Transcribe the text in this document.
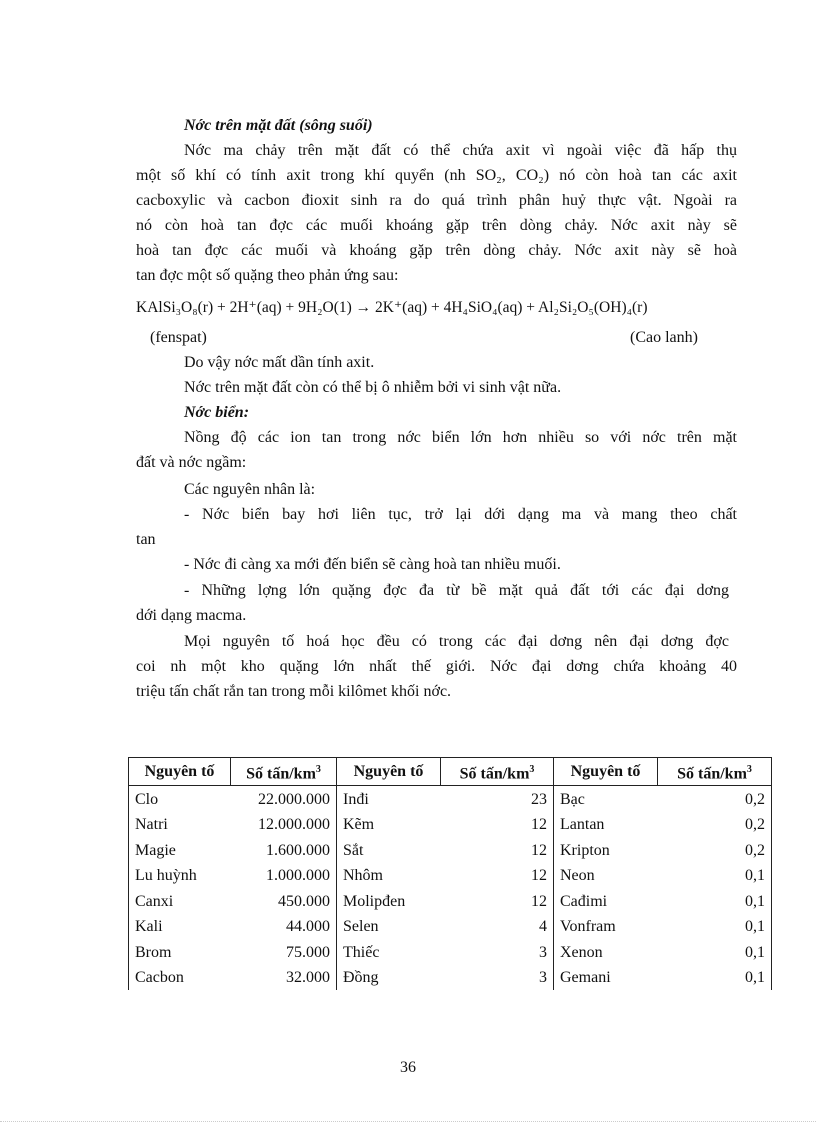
Nớc trên mặt đất (sông suối)
Nớc ma chảy trên mặt đất có thể chứa axit vì ngoài việc đã hấp thụ
một số khí có tính axit trong khí quyển (nh SO₂, CO₂) nó còn hoà tan các axit
cacboxylic và cacbon đioxit sinh ra do quá trình phân huỷ thực vật. Ngoài ra
nó còn hoà tan đợc các muối khoáng gặp trên dòng chảy. Nớc axit này sẽ
hoà tan đợc các muối và khoáng gặp trên dòng chảy. Nớc axit này sẽ hoà
tan đợc một số quặng theo phản ứng sau:
KAlSi₃O₈(r) + 2H⁺(aq) + 9H₂O(1) → 2K⁺(aq) + 4H₄SiO₄(aq) + Al₂Si₂O₅(OH)₄(r)
(fenspat)	(Cao lanh)
Do vậy nớc mất dần tính axit.
Nớc trên mặt đất còn có thể bị ô nhiễm bởi vi sinh vật nữa.
Nớc biển:
Nồng độ các ion tan trong nớc biển lớn hơn nhiều so với nớc trên mặt
đất và nớc ngầm:
Các nguyên nhân là:
- Nớc biển bay hơi liên tục, trở lại dới dạng ma và mang theo chất
tan
- Nớc đi càng xa mới đến biển sẽ càng hoà tan nhiều muối.
- Những lợng lớn quặng đợc đa từ bề mặt quả đất tới các đại dơng
dới dạng macma.
Mọi nguyên tố hoá học đều có trong các đại dơng nên đại dơng đợc
coi nh một kho quặng lớn nhất thế giới. Nớc đại dơng chứa khoảng 40
triệu tấn chất rắn tan trong mỗi kilômet khối nớc.
Nguyên tố	Số tấn/$km^3$	Nguyên tố	Số tấn/$km^3$	Nguyên tố	Số tấn/$km^3$
Clo	22.000.000	Inđi	23	Bạc	0,2
Natri	12.000.000	Kẽm	12	Lantan	0,2
Magie	1.600.000	Sắt	12	Kripton	0,2
Lu huỳnh	1.000.000	Nhôm	12	Neon	0,1
Canxi	450.000	Molipđen	12	Cađimi	0,1
Kali	44.000	Selen	4	Vonfram	0,1
Brom	75.000	Thiếc	3	Xenon	0,1
Cacbon	32.000	Đồng	3	Gemani	0,1
36
